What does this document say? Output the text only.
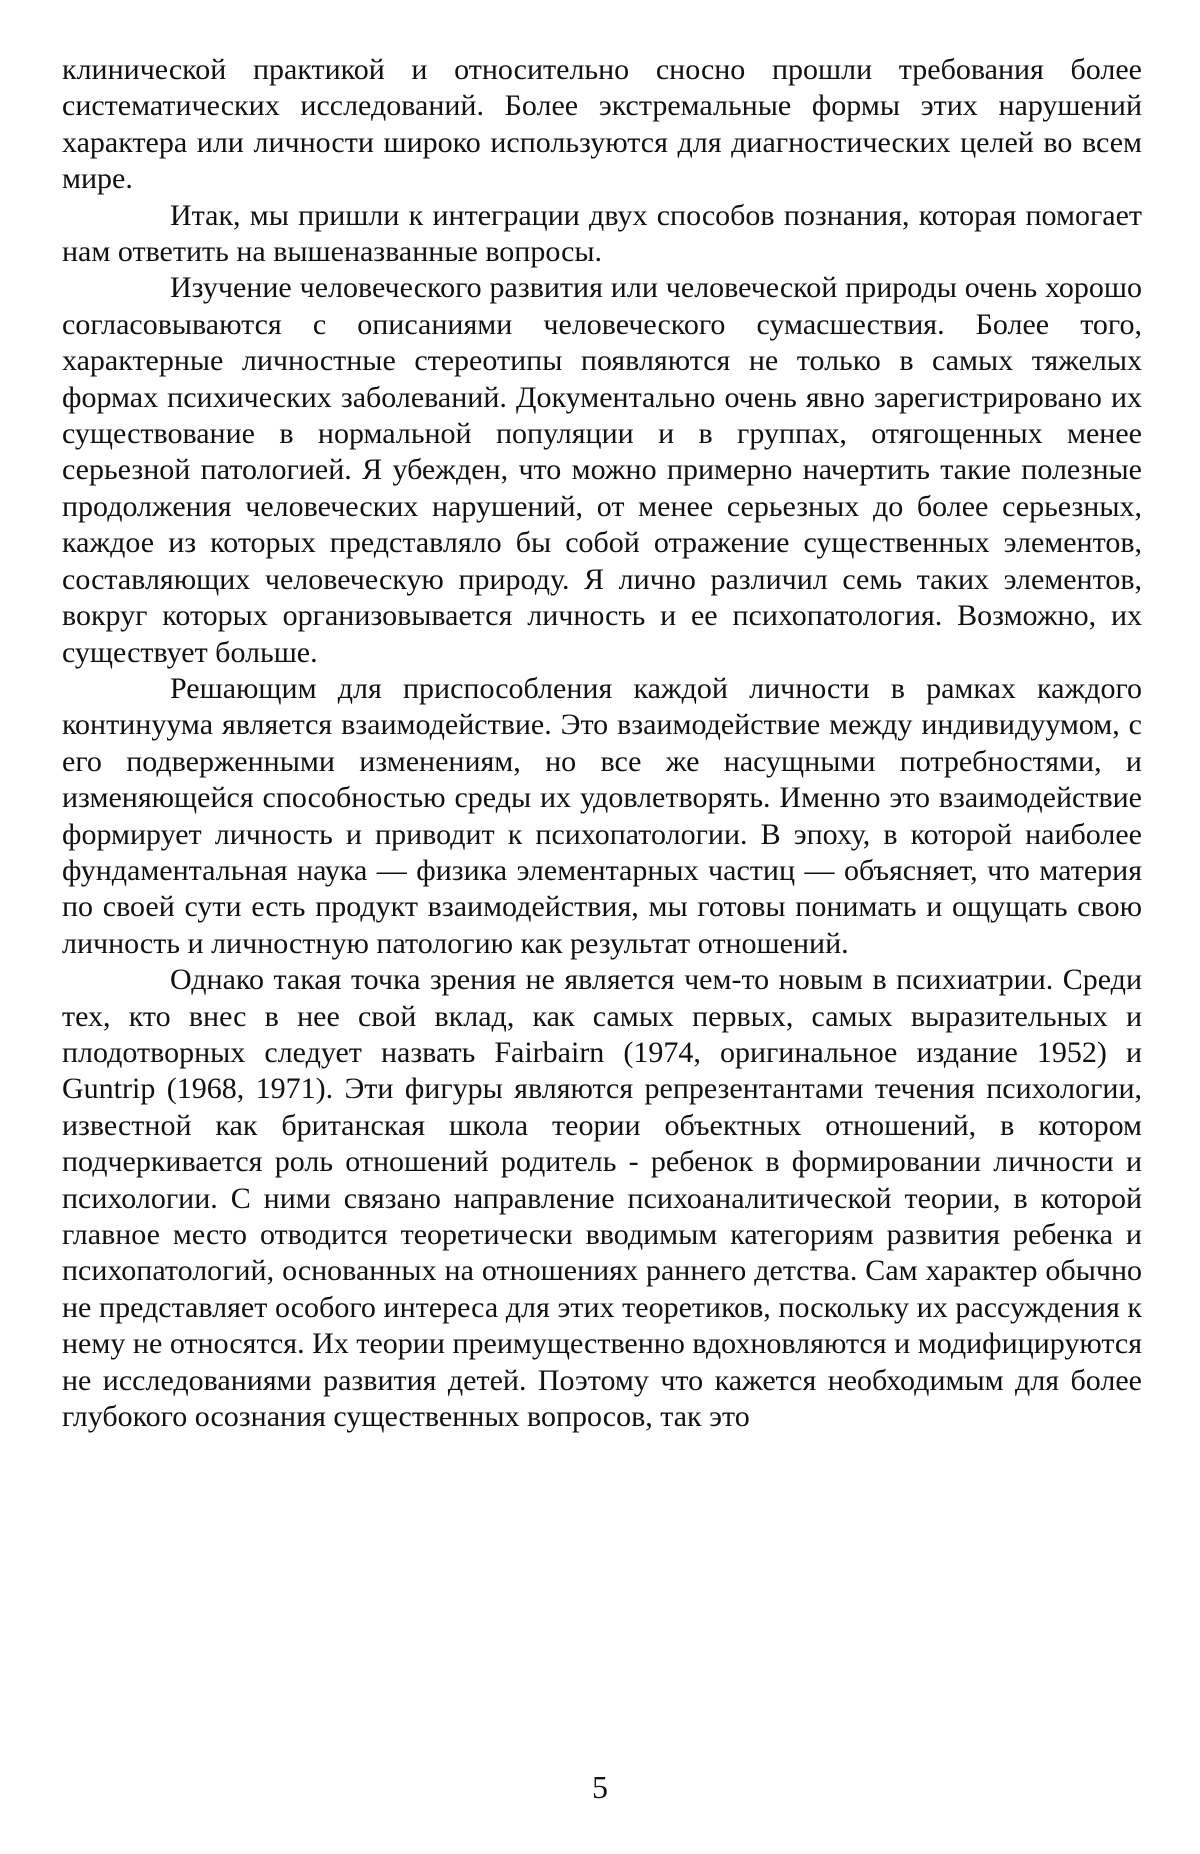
клинической практикой и относительно сносно прошли требования более систематических исследований. Более экстремальные формы этих нарушений характера или личности широко используются для диагностических целей во всем мире.

Итак, мы пришли к интеграции двух способов познания, которая помогает нам ответить на вышеназванные вопросы.

Изучение человеческого развития или человеческой природы очень хорошо согласовываются с описаниями человеческого сумасшествия. Более того, характерные личностные стереотипы появляются не только в самых тяжелых формах психических заболеваний. Документально очень явно зарегистрировано их существование в нормальной популяции и в группах, отягощенных менее серьезной патологией. Я убежден, что можно примерно начертить такие полезные продолжения человеческих нарушений, от менее серьезных до более серьезных, каждое из которых представляло бы собой отражение существенных элементов, составляющих человеческую природу. Я лично различил семь таких элементов, вокруг которых организовывается личность и ее психопатология. Возможно, их существует больше.

Решающим для приспособления каждой личности в рамках каждого континуума является взаимодействие. Это взаимодействие между индивидуумом, с его подверженными изменениям, но все же насущными потребностями, и изменяющейся способностью среды их удовлетворять. Именно это взаимодействие формирует личность и приводит к психопатологии. В эпоху, в которой наиболее фундаментальная наука — физика элементарных частиц — объясняет, что материя по своей сути есть продукт взаимодействия, мы готовы понимать и ощущать свою личность и личностную патологию как результат отношений.

Однако такая точка зрения не является чем-то новым в психиатрии. Среди тех, кто внес в нее свой вклад, как самых первых, самых выразительных и плодотворных следует назвать Fairbairn (1974, оригинальное издание 1952) и Guntrip (1968, 1971). Эти фигуры являются репрезентантами течения психологии, известной как британская школа теории объектных отношений, в котором подчеркивается роль отношений родитель - ребенок в формировании личности и психологии. С ними связано направление психоаналитической теории, в которой главное место отводится теоретически вводимым категориям развития ребенка и психопатологий, основанных на отношениях раннего детства. Сам характер обычно не представляет особого интереса для этих теоретиков, поскольку их рассуждения к нему не относятся. Их теории преимущественно вдохновляются и модифицируются не исследованиями развития детей. Поэтому что кажется необходимым для более глубокого осознания существенных вопросов, так это

5
